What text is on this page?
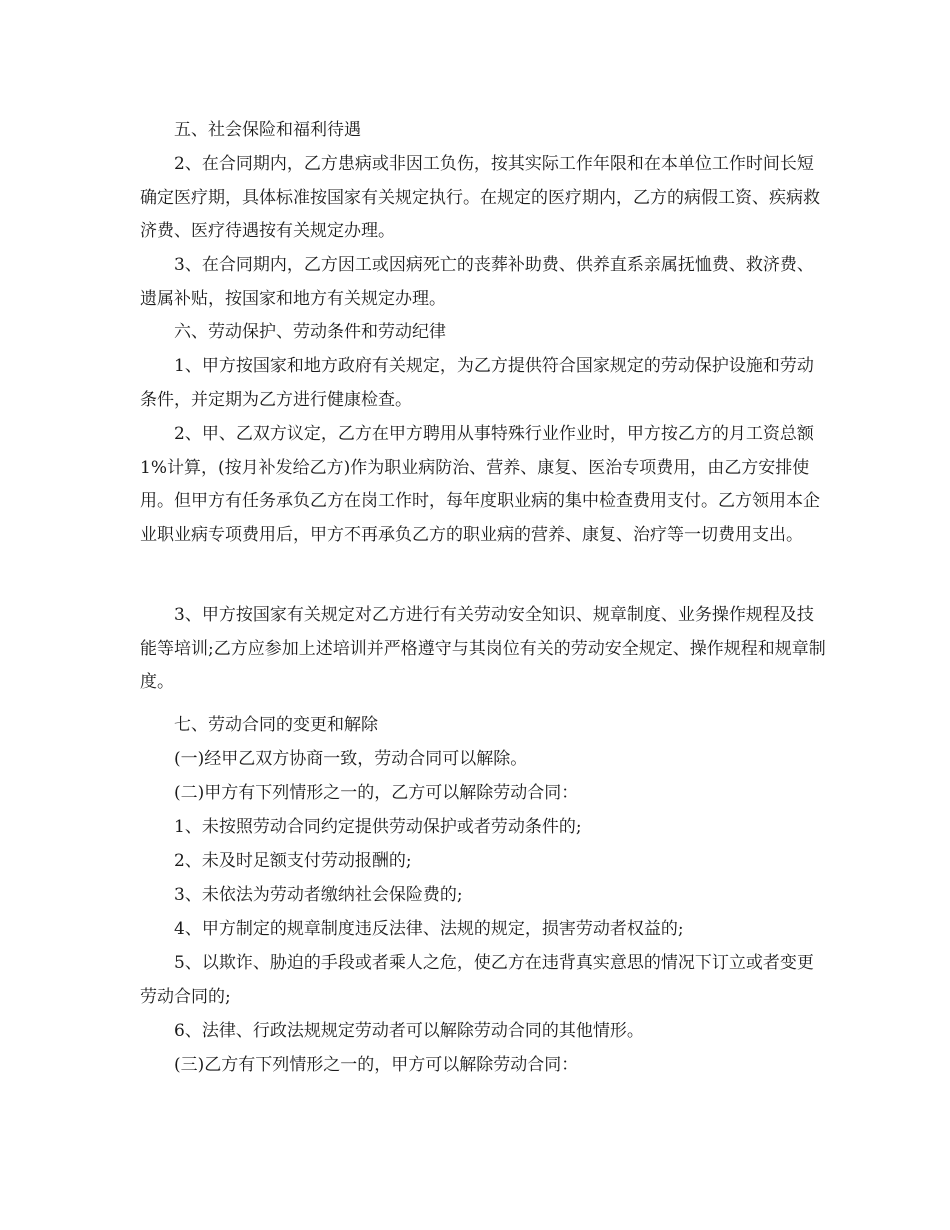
五、社会保险和福利待遇

2、在合同期内，乙方患病或非因工负伤，按其实际工作年限和在本单位工作时间长短确定医疗期，具体标准按国家有关规定执行。在规定的医疗期内，乙方的病假工资、疾病救济费、医疗待遇按有关规定办理。

3、在合同期内，乙方因工或因病死亡的丧葬补助费、供养直系亲属抚恤费、救济费、遗属补贴，按国家和地方有关规定办理。

六、劳动保护、劳动条件和劳动纪律

1、甲方按国家和地方政府有关规定，为乙方提供符合国家规定的劳动保护设施和劳动条件，并定期为乙方进行健康检查。

2、甲、乙双方议定，乙方在甲方聘用从事特殊行业作业时，甲方按乙方的月工资总额1%计算，(按月补发给乙方)作为职业病防治、营养、康复、医治专项费用，由乙方安排使用。但甲方有任务承负乙方在岗工作时，每年度职业病的集中检查费用支付。乙方领用本企业职业病专项费用后，甲方不再承负乙方的职业病的营养、康复、治疗等一切费用支出。

3、甲方按国家有关规定对乙方进行有关劳动安全知识、规章制度、业务操作规程及技能等培训;乙方应参加上述培训并严格遵守与其岗位有关的劳动安全规定、操作规程和规章制度。

七、劳动合同的变更和解除

(一)经甲乙双方协商一致，劳动合同可以解除。

(二)甲方有下列情形之一的，乙方可以解除劳动合同：

1、未按照劳动合同约定提供劳动保护或者劳动条件的;

2、未及时足额支付劳动报酬的;

3、未依法为劳动者缴纳社会保险费的;

4、甲方制定的规章制度违反法律、法规的规定，损害劳动者权益的;

5、以欺诈、胁迫的手段或者乘人之危，使乙方在违背真实意思的情况下订立或者变更劳动合同的;

6、法律、行政法规规定劳动者可以解除劳动合同的其他情形。

(三)乙方有下列情形之一的，甲方可以解除劳动合同：
